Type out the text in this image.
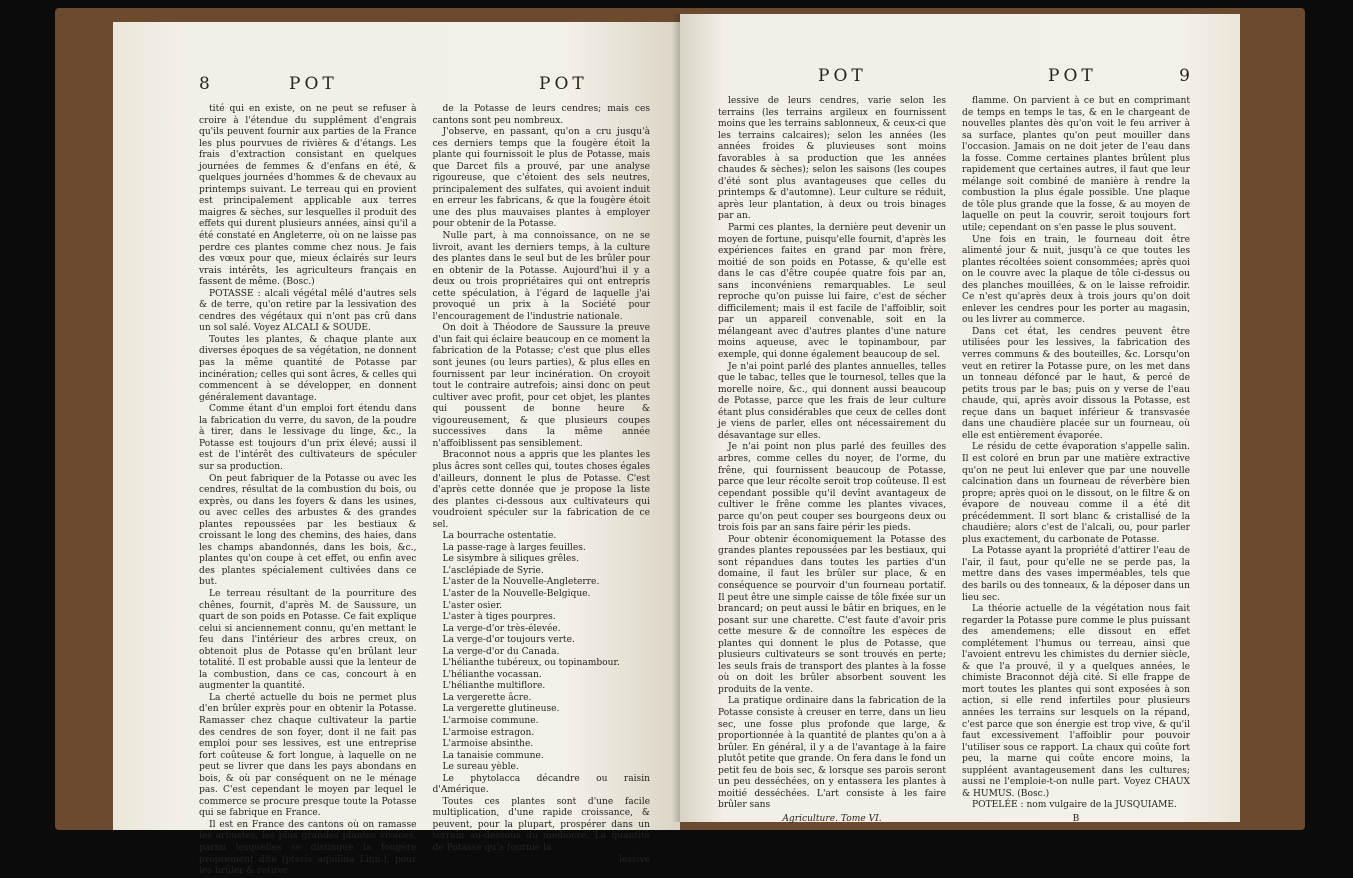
8	POT	POT

tité qui en existe, on ne peut se refuser à croire à l'étendue du supplément d'engrais qu'ils peuvent fournir aux parties de la France les plus pourvues de rivières & d'étangs. Les frais d'extraction consistant en quelques journées de femmes & d'enfans en été, & quelques journées d'hommes & de chevaux au printemps suivant. Le terreau qui en provient est principalement applicable aux terres maigres & sèches, sur lesquelles il produit des effets qui durent plusieurs années, ainsi qu'il a été constaté en Angleterre, où on ne laisse pas perdre ces plantes comme chez nous. Je fais des vœux pour que, mieux éclairés sur leurs vrais intérêts, les agriculteurs français en fassent de même. (Bosc.)

POTASSE : alcali végétal mêlé d'autres sels & de terre, qu'on retire par la lessivation des cendres des végétaux qui n'ont pas crû dans un sol salé. Voyez ALCALI & SOUDE.

Toutes les plantes, & chaque plante aux diverses époques de sa végétation, ne donnent pas la même quantité de Potasse par incinération; celles qui sont âcres, & celles qui commencent à se développer, en donnent généralement davantage.

Comme étant d'un emploi fort étendu dans la fabrication du verre, du savon, de la poudre à tirer, dans le lessivage du linge, &c., la Potasse est toujours d'un prix élevé; aussi il est de l'intérêt des cultivateurs de spéculer sur sa production.

On peut fabriquer de la Potasse ou avec les cendres, résultat de la combustion du bois, ou exprès, ou dans les foyers & dans les usines, ou avec celles des arbustes & des grandes plantes repoussées par les bestiaux & croissant le long des chemins, des haies, dans les champs abandonnés, dans les bois, &c., plantes qu'on coupe à cet effet, ou enfin avec des plantes spécialement cultivées dans ce but.

Le terreau résultant de la pourriture des chênes, fournit, d'après M. de Saussure, un quart de son poids en Potasse. Ce fait explique celui si anciennement connu, qu'en mettant le feu dans l'intérieur des arbres creux, on obtenoit plus de Potasse qu'en brûlant leur totalité. Il est probable aussi que la lenteur de la combustion, dans ce cas, concourt à en augmenter la quantité.

La cherté actuelle du bois ne permet plus d'en brûler exprès pour en obtenir la Potasse. Ramasser chez chaque cultivateur la partie des cendres de son foyer, dont il ne fait pas emploi pour ses lessives, est une entreprise fort coûteuse & fort longue, à laquelle on ne peut se livrer que dans les pays abondans en bois, & où par conséquent on ne le ménage pas. C'est cependant le moyen par lequel le commerce se procure presque toute la Potasse qui se fabrique en France.

Il est en France des cantons où on ramasse les arbustes, les plus grandes plantes vivaces, parmi lesquelles se distingue la fougère proprement dite (pteris aquilina Linn.), pour les brûler & retirer

de la Potasse de leurs cendres; mais ces cantons sont peu nombreux.

J'observe, en passant, qu'on a cru jusqu'à ces derniers temps que la fougère étoit la plante qui fournissoit le plus de Potasse, mais que Darcet fils a prouvé, par une analyse rigoureuse, que c'étoient des sels neutres, principalement des sulfates, qui avoient induit en erreur les fabricans, & que la fougère étoit une des plus mauvaises plantes à employer pour obtenir de la Potasse.

Nulle part, à ma connoissance, on ne se livroit, avant les derniers temps, à la culture des plantes dans le seul but de les brûler pour en obtenir de la Potasse. Aujourd'hui il y a deux ou trois propriétaires qui ont entrepris cette spéculation, à l'égard de laquelle j'ai provoqué un prix à la Société pour l'encouragement de l'industrie nationale.

On doit à Théodore de Saussure la preuve d'un fait qui éclaire beaucoup en ce moment la fabrication de la Potasse; c'est que plus elles sont jeunes (ou leurs parties), & plus elles en fournissent par leur incinération. On croyoit tout le contraire autrefois; ainsi donc on peut cultiver avec profit, pour cet objet, les plantes qui poussent de bonne heure & vigoureusement, & que plusieurs coupes successives dans la même année n'affoiblissent pas sensiblement.

Braconnot nous a appris que les plantes les plus âcres sont celles qui, toutes choses égales d'ailleurs, donnent le plus de Potasse. C'est d'après cette donnée que je propose la liste des plantes ci-dessous aux cultivateurs qui voudroient spéculer sur la fabrication de ce sel.

La bourrache ostentatie.
La passe-rage à larges feuilles.
Le sisymbre à siliques grêles.
L'asclépiade de Syrie.
L'aster de la Nouvelle-Angleterre.
L'aster de la Nouvelle-Belgique.
L'aster osier.
L'aster à tiges pourpres.
La verge-d'or très-élevée.
La verge-d'or toujours verte.
La verge-d'or du Canada.
L'hélianthe tubéreux, ou topinambour.
L'hélianthe vocassan.
L'hélianthe multiflore.
La vergerette âcre.
La vergerette glutineuse.
L'armoise commune.
L'armoise estragon.
L'armoise absinthe.
La tanaisie commune.
Le sureau yèble.
Le phytolacca décandre ou raisin d'Amérique.

Toutes ces plantes sont d'une facile multiplication, d'une rapide croissance, & peuvent, pour la plupart, prospérer dans un terrain au-dessous du médiocre. La quantité de Potasse qu'a fournie la

lessive
POT	POT	9

lessive de leurs cendres, varie selon les terrains (les terrains argileux en fournissent moins que les terrains sablonneux, & ceux-ci que les terrains calcaires); selon les années (les années froides & pluvieuses sont moins favorables à sa production que les années chaudes & sèches); selon les saisons (les coupes d'été sont plus avantageuses que celles du printemps & d'automne). Leur culture se réduit, après leur plantation, à deux ou trois binages par an.

Parmi ces plantes, la dernière peut devenir un moyen de fortune, puisqu'elle fournit, d'après les expériences faites en grand par mon frère, moitié de son poids en Potasse, & qu'elle est dans le cas d'être coupée quatre fois par an, sans inconvéniens remarquables. Le seul reproche qu'on puisse lui faire, c'est de sécher difficilement; mais il est facile de l'affoiblir, soit par un appareil convenable, soit en la mélangeant avec d'autres plantes d'une nature moins aqueuse, avec le topinambour, par exemple, qui donne également beaucoup de sel.

Je n'ai point parlé des plantes annuelles, telles que le tabac, telles que le tournesol, telles que la morelle noire, &c., qui donnent aussi beaucoup de Potasse, parce que les frais de leur culture étant plus considérables que ceux de celles dont je viens de parler, elles ont nécessairement du désavantage sur elles.

Je n'ai point non plus parlé des feuilles des arbres, comme celles du noyer, de l'orme, du frêne, qui fournissent beaucoup de Potasse, parce que leur récolte seroit trop coûteuse. Il est cependant possible qu'il devînt avantageux de cultiver le frêne comme les plantes vivaces, parce qu'on peut couper ses bourgeons deux ou trois fois par an sans faire périr les pieds.

Pour obtenir économiquement la Potasse des grandes plantes repoussées par les bestiaux, qui sont répandues dans toutes les parties d'un domaine, il faut les brûler sur place, & en conséquence se pourvoir d'un fourneau portatif. Il peut être une simple caisse de tôle fixée sur un brancard; on peut aussi le bâtir en briques, en le posant sur une charette. C'est faute d'avoir pris cette mesure & de connoître les espèces de plantes qui donnent le plus de Potasse, que plusieurs cultivateurs se sont trouvés en perte; les seuls frais de transport des plantes à la fosse où on doit les brûler absorbent souvent les produits de la vente.

La pratique ordinaire dans la fabrication de la Potasse consiste à creuser en terre, dans un lieu sec, une fosse plus profonde que large, & proportionnée à la quantité de plantes qu'on a à brûler. En général, il y a de l'avantage à la faire plutôt petite que grande. On fera dans le fond un petit feu de bois sec, & lorsque ses parois seront un peu desséchées, on y entassera les plantes à moitié desséchées. L'art consiste à les faire brûler sans

Agriculture. Tome VI.

flamme. On parvient à ce but en comprimant de temps en temps le tas, & en le chargeant de nouvelles plantes dès qu'on voit le feu arriver à sa surface, plantes qu'on peut mouiller dans l'occasion. Jamais on ne doit jeter de l'eau dans la fosse. Comme certaines plantes brûlent plus rapidement que certaines autres, il faut que leur mélange soit combiné de manière à rendre la combustion la plus égale possible. Une plaque de tôle plus grande que la fosse, & au moyen de laquelle on peut la couvrir, seroit toujours fort utile; cependant on s'en passe le plus souvent.

Une fois en train, le fourneau doit être alimenté jour & nuit, jusqu'à ce que toutes les plantes récoltées soient consommées; après quoi on le couvre avec la plaque de tôle ci-dessus ou des planches mouillées, & on le laisse refroidir. Ce n'est qu'après deux à trois jours qu'on doit enlever les cendres pour les porter au magasin, ou les livrer au commerce.

Dans cet état, les cendres peuvent être utilisées pour les lessives, la fabrication des verres communs & des bouteilles, &c. Lorsqu'on veut en retirer la Potasse pure, on les met dans un tonneau défoncé par le haut, & percé de petits trous par le bas; puis on y verse de l'eau chaude, qui, après avoir dissous la Potasse, est reçue dans un baquet inférieur & transvasée dans une chaudière placée sur un fourneau, où elle est entièrement évaporée.

Le résidu de cette évaporation s'appelle salin. Il est coloré en brun par une matière extractive qu'on ne peut lui enlever que par une nouvelle calcination dans un fourneau de réverbère bien propre; après quoi on le dissout, on le filtre & on évapore de nouveau comme il a été dit précédemment. Il sort blanc & cristallisé de la chaudière; alors c'est de l'alcali, ou, pour parler plus exactement, du carbonate de Potasse.

La Potasse ayant la propriété d'attirer l'eau de l'air, il faut, pour qu'elle ne se perde pas, la mettre dans des vases imperméables, tels que des barils ou des tonneaux, & la déposer dans un lieu sec.

La théorie actuelle de la végétation nous fait regarder la Potasse pure comme le plus puissant des amendemens; elle dissout en effet complétement l'humus ou terreau, ainsi que l'avoient entrevu les chimistes du dernier siècle, & que l'a prouvé, il y a quelques années, le chimiste Braconnot déjà cité. Si elle frappe de mort toutes les plantes qui sont exposées à son action, si elle rend infertiles pour plusieurs années les terrains sur lesquels on la répand, c'est parce que son énergie est trop vive, & qu'il faut excessivement l'affoiblir pour pouvoir l'utiliser sous ce rapport. La chaux qui coûte fort peu, la marne qui coûte encore moins, la suppléent avantageusement dans les cultures; aussi ne l'emploie-t-on nulle part. Voyez CHAUX & HUMUS. (Bosc.)

POTELÉE : nom vulgaire de la JUSQUIAME.

B
